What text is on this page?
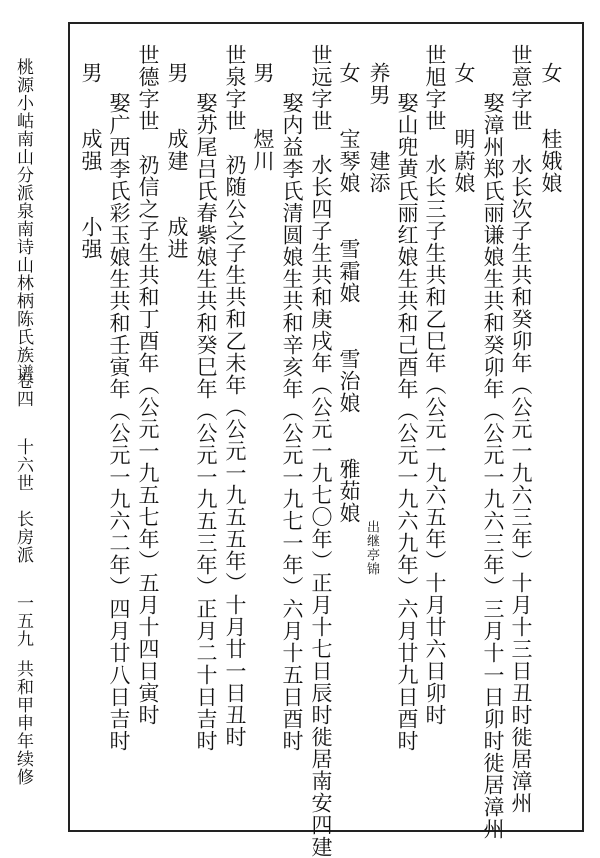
桃源小岵南山分派泉南诗山林柄陈氏族谱
卷四
十六世　长房派
一五九
共和甲申年续修
女　　桂娥娘
世意字世　水长次子生共和癸卯年（公元一九六三年）十月十三日丑时徙居漳州
娶漳州郑氏丽谦娘生共和癸卯年（公元一九六三年）三月十一日卯时徙居漳州
女　　明蔚娘
世旭字世　水长三子生共和乙巳年（公元一九六五年）十月廿六日卯时
娶山兜黄氏丽红娘生共和己酉年（公元一九六九年）六月廿九日酉时
养男　　建添
女　　宝琴娘　　雪霜娘　　雪治娘　　雅茹娘
出继亭锦
世远字世　水长四子生共和庚戌年（公元一九七〇年）正月十七日辰时徙居南安四建
娶内益李氏清圆娘生共和辛亥年（公元一九七一年）六月十五日酉时
男　　煜川
世泉字世　礽随公之子生共和乙未年（公元一九五五年）十月廿一日丑时
娶苏尾吕氏春紫娘生共和癸巳年（公元一九五三年）正月二十日吉时
男　　成建　　成进
世德字世　礽信之子生共和丁酉年（公元一九五七年）五月十四日寅时
娶广西李氏彩玉娘生共和壬寅年（公元一九六二年）四月廿八日吉时
男　　成强　　小强
